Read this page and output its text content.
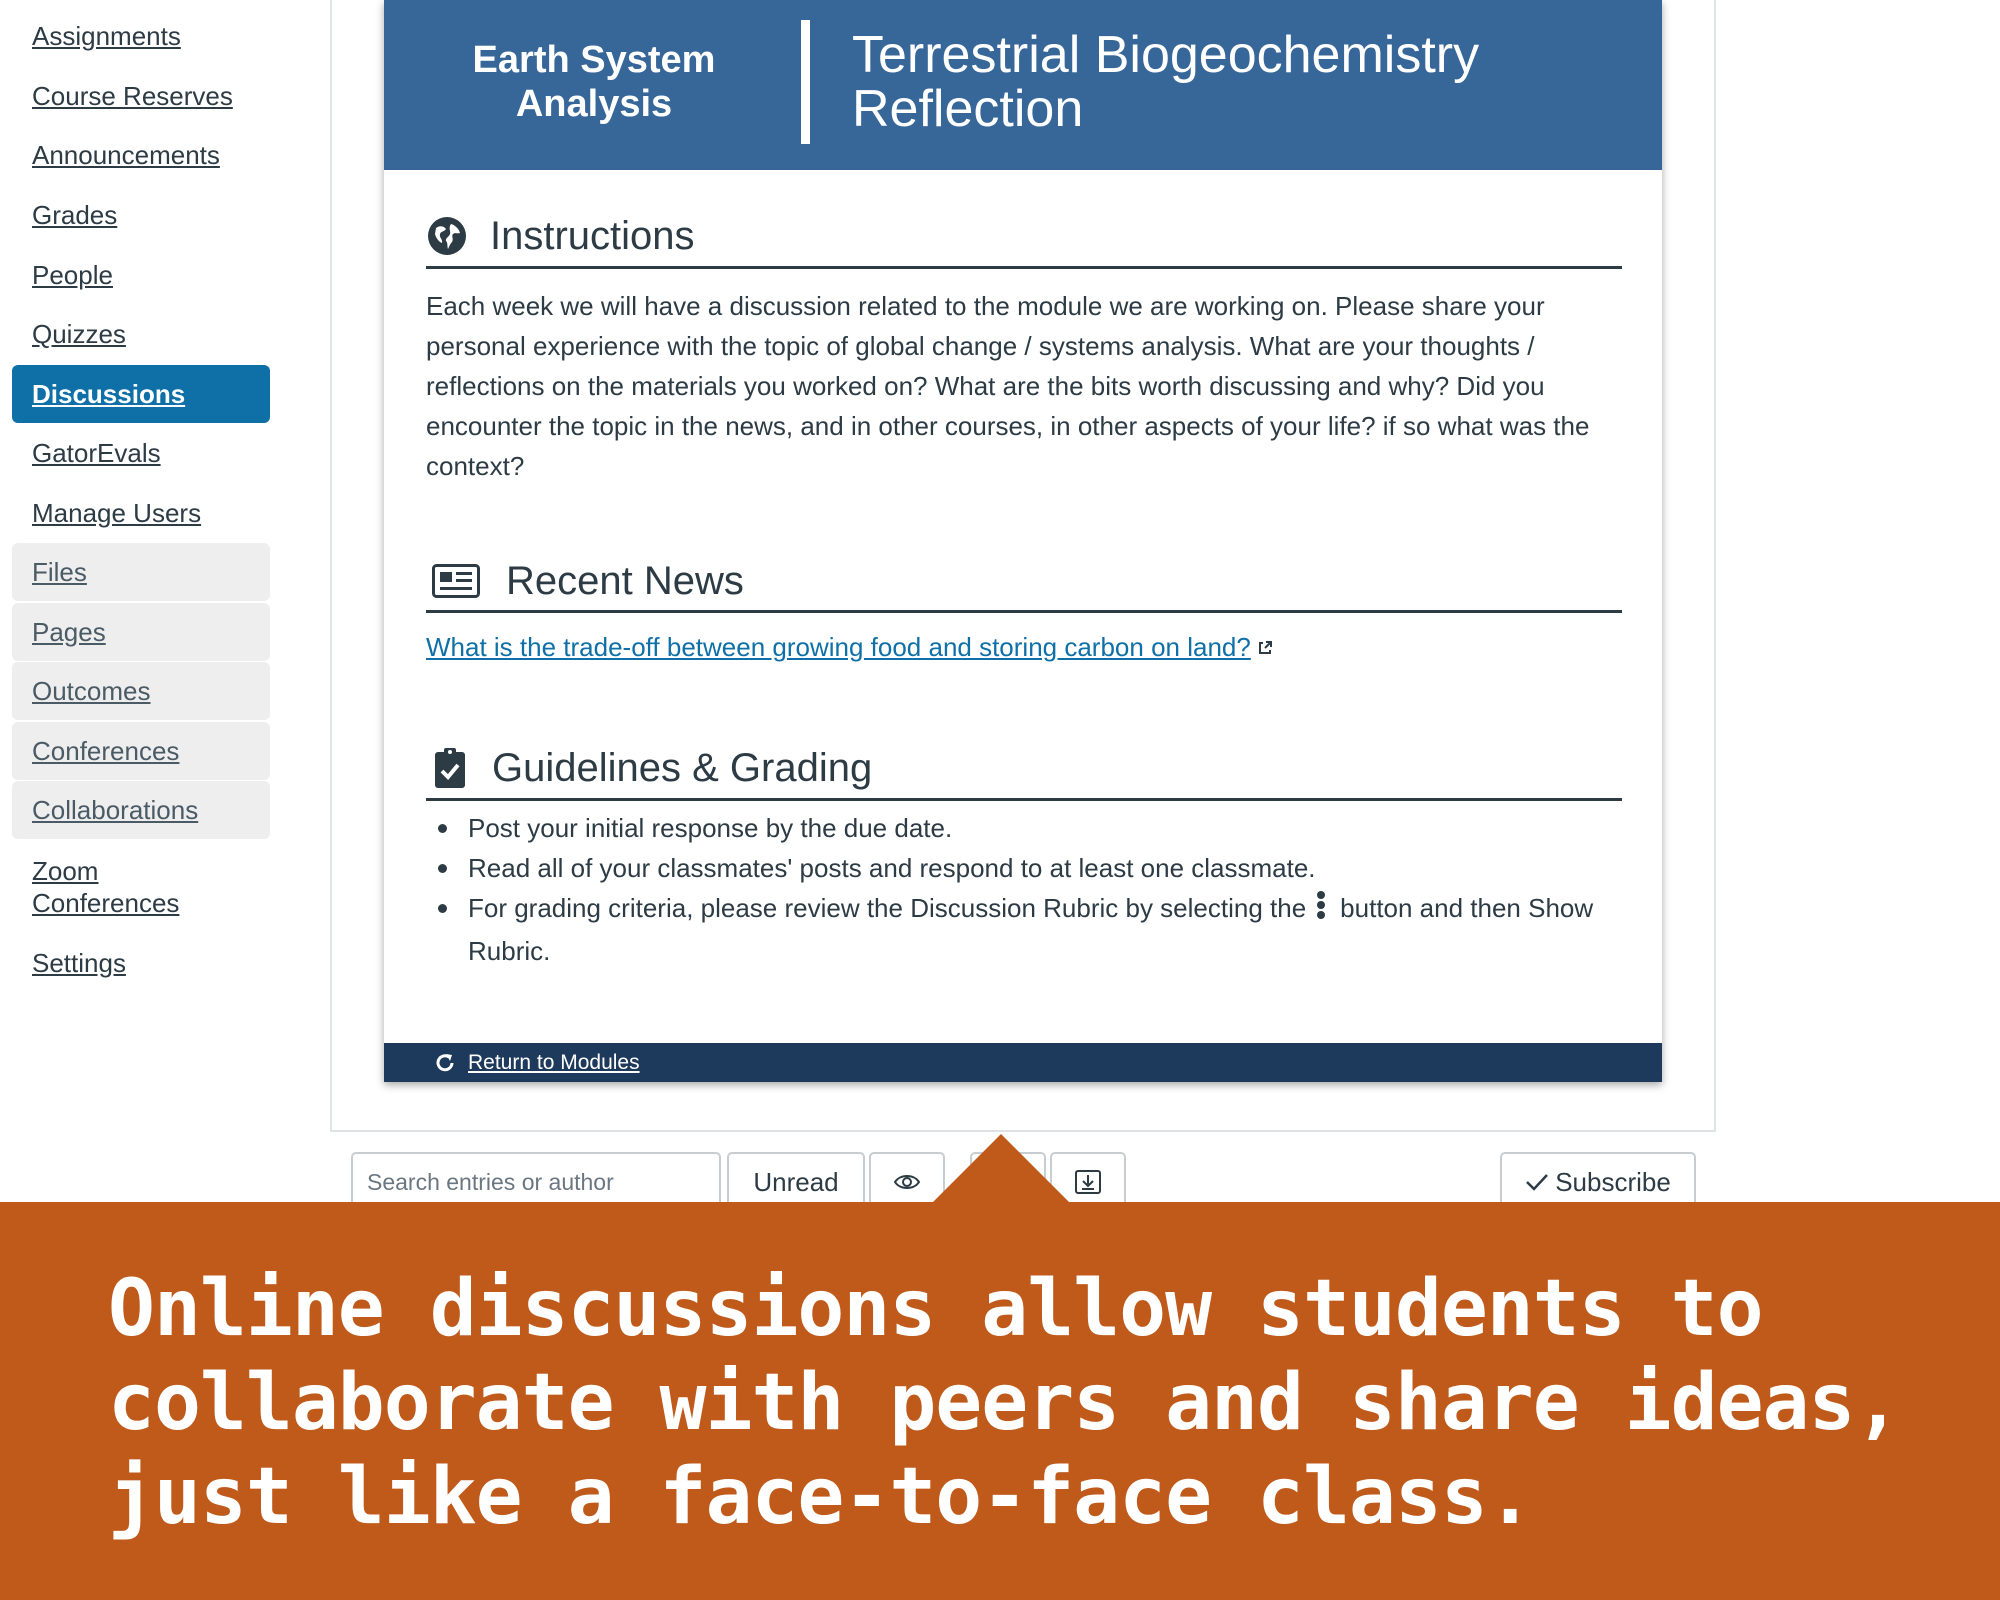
Assignments
Course Reserves
Announcements
Grades
People
Quizzes
Discussions
GatorEvals
Manage Users
Files
Pages
Outcomes
Conferences
Collaborations
Zoom Conferences
Settings
Earth System Analysis
Terrestrial Biogeochemistry Reflection
Instructions
Each week we will have a discussion related to the module we are working on. Please share your personal experience with the topic of global change / systems analysis. What are your thoughts / reflections on the materials you worked on? What are the bits worth discussing and why? Did you encounter the topic in the news, and in other courses, in other aspects of your life? if so what was the context?
Recent News
What is the trade-off between growing food and storing carbon on land?
Guidelines & Grading
Post your initial response by the due date.
Read all of your classmates' posts and respond to at least one classmate.
For grading criteria, please review the Discussion Rubric by selecting the button and then Show Rubric.
Return to Modules
Search entries or author	Unread	Subscribe
Online discussions allow students to collaborate with peers and share ideas, just like a face-to-face class.
